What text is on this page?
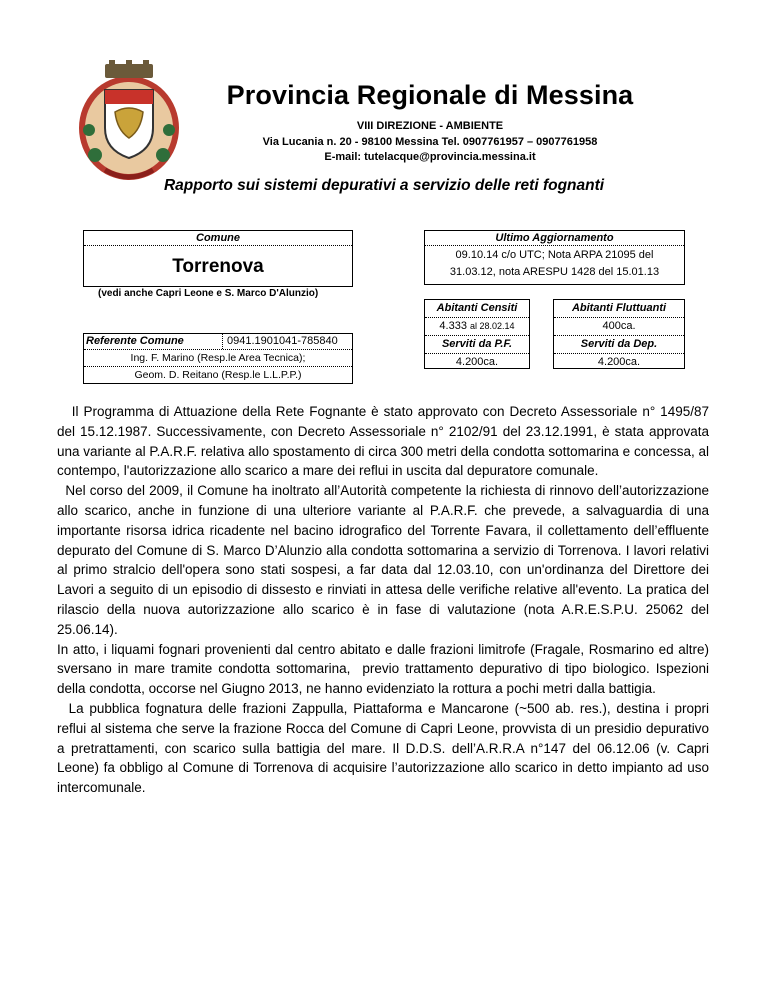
Provincia Regionale di Messina
VIII DIREZIONE - AMBIENTE
Via Lucania n. 20 - 98100 Messina Tel. 0907761957 – 0907761958
E-mail: tutelacque@provincia.messina.it
Rapporto sui sistemi depurativi a servizio delle reti fognanti
Comune
Torrenova
(vedi anche Capri Leone e S. Marco D'Alunzio)
Referente Comune	0941.1901041-785840
Ing. F. Marino (Resp.le Area Tecnica);
Geom. D. Reitano (Resp.le L.L.P.P.)
Ultimo Aggiornamento
09.10.14 c/o UTC; Nota ARPA 21095 del
31.03.12, nota ARESPU 1428 del 15.01.13
Abitanti Censiti
4.333 al 28.02.14
Serviti da P.F.
4.200ca.
Abitanti Fluttuanti
400ca.
Serviti da Dep.
4.200ca.

Il Programma di Attuazione della Rete Fognante è stato approvato con Decreto Assessoriale n° 1495/87 del 15.12.1987. Successivamente, con Decreto Assessoriale n° 2102/91 del 23.12.1991, è stata approvata una variante al P.A.R.F. relativa allo spostamento di circa 300 metri della condotta sottomarina e concessa, al contempo, l'autorizzazione allo scarico a mare dei reflui in uscita dal depuratore comunale.

Nel corso del 2009, il Comune ha inoltrato all’Autorità competente la richiesta di rinnovo dell’autorizzazione allo scarico, anche in funzione di una ulteriore variante al P.A.R.F. che prevede, a salvaguardia di una importante risorsa idrica ricadente nel bacino idrografico del Torrente Favara, il collettamento dell’effluente depurato del Comune di S. Marco D’Alunzio alla condotta sottomarina a servizio di Torrenova. I lavori relativi al primo stralcio dell'opera sono stati sospesi, a far data dal 12.03.10, con un'ordinanza del Direttore dei Lavori a seguito di un episodio di dissesto e rinviati in attesa delle verifiche relative all'evento. La pratica del rilascio della nuova autorizzazione allo scarico è in fase di valutazione (nota A.R.E.S.P.U. 25062 del 25.06.14).

In atto, i liquami fognari provenienti dal centro abitato e dalle frazioni limitrofe (Fragale, Rosmarino ed altre) sversano in mare tramite condotta sottomarina,  previo trattamento depurativo di tipo biologico. Ispezioni della condotta, occorse nel Giugno 2013, ne hanno evidenziato la rottura a pochi metri dalla battigia.

La pubblica fognatura delle frazioni Zappulla, Piattaforma e Mancarone (~500 ab. res.), destina i propri reflui al sistema che serve la frazione Rocca del Comune di Capri Leone, provvista di un presidio depurativo a pretrattamenti, con scarico sulla battigia del mare. Il D.D.S. dell’A.R.R.A n°147 del 06.12.06 (v. Capri Leone) fa obbligo al Comune di Torrenova di acquisire l’autorizzazione allo scarico in detto impianto ad uso intercomunale.
